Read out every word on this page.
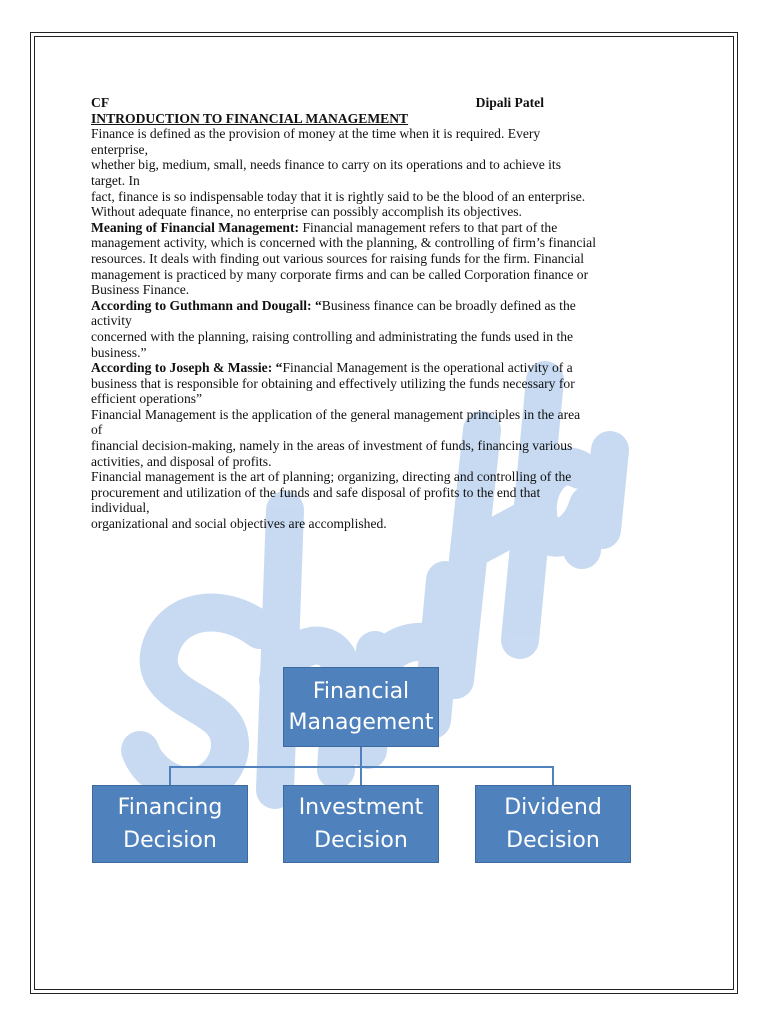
CF	Dipali Patel
INTRODUCTION TO FINANCIAL MANAGEMENT

Finance is defined as the provision of money at the time when it is required. Every
enterprise,
whether big, medium, small, needs finance to carry on its operations and to achieve its
target. In
fact, finance is so indispensable today that it is rightly said to be the blood of an enterprise.
Without adequate finance, no enterprise can possibly accomplish its objectives.

Meaning of Financial Management: Financial management refers to that part of the
management activity, which is concerned with the planning, & controlling of firm’s financial
resources. It deals with finding out various sources for raising funds for the firm. Financial
management is practiced by many corporate firms and can be called Corporation finance or
Business Finance.

According to Guthmann and Dougall: “Business finance can be broadly defined as the
activity
concerned with the planning, raising controlling and administrating the funds used in the
business.”

According to Joseph & Massie: “Financial Management is the operational activity of a
business that is responsible for obtaining and effectively utilizing the funds necessary for
efficient operations”

Financial Management is the application of the general management principles in the area
of
financial decision-making, namely in the areas of investment of funds, financing various
activities, and disposal of profits.

Financial management is the art of planning; organizing, directing and controlling of the
procurement and utilization of the funds and safe disposal of profits to the end that
individual,
organizational and social objectives are accomplished.

Financial
Management
Financing
Decision
Investment
Decision
Dividend
Decision
